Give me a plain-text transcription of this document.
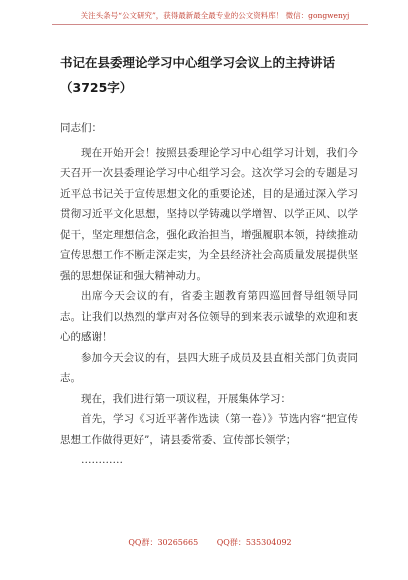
关注头条号“公文研究”，获得最新最全最专业的公文资料库！ 微信：gongwenyj
书记在县委理论学习中心组学习会议上的主持讲话（3725字）

同志们：

现在开始开会！按照县委理论学习中心组学习计划，我们今天召开一次县委理论学习中心组学习会。这次学习会的专题是习近平总书记关于宣传思想文化的重要论述，目的是通过深入学习贯彻习近平文化思想，坚持以学铸魂以学增智、以学正风、以学促干，坚定理想信念，强化政治担当，增强履职本领，持续推动宣传思想工作不断走深走实，为全县经济社会高质量发展提供坚强的思想保证和强大精神动力。

出席今天会议的有，省委主题教育第四巡回督导组领导同志。让我们以热烈的掌声对各位领导的到来表示诚挚的欢迎和衷心的感谢！

参加今天会议的有，县四大班子成员及县直相关部门负责同志。

现在，我们进行第一项议程，开展集体学习：

首先，学习《习近平著作选读（第一卷）》节选内容“把宣传思想工作做得更好”，请县委常委、宣传部长领学；

…………

QQ群：30265665 QQ群：535304092
